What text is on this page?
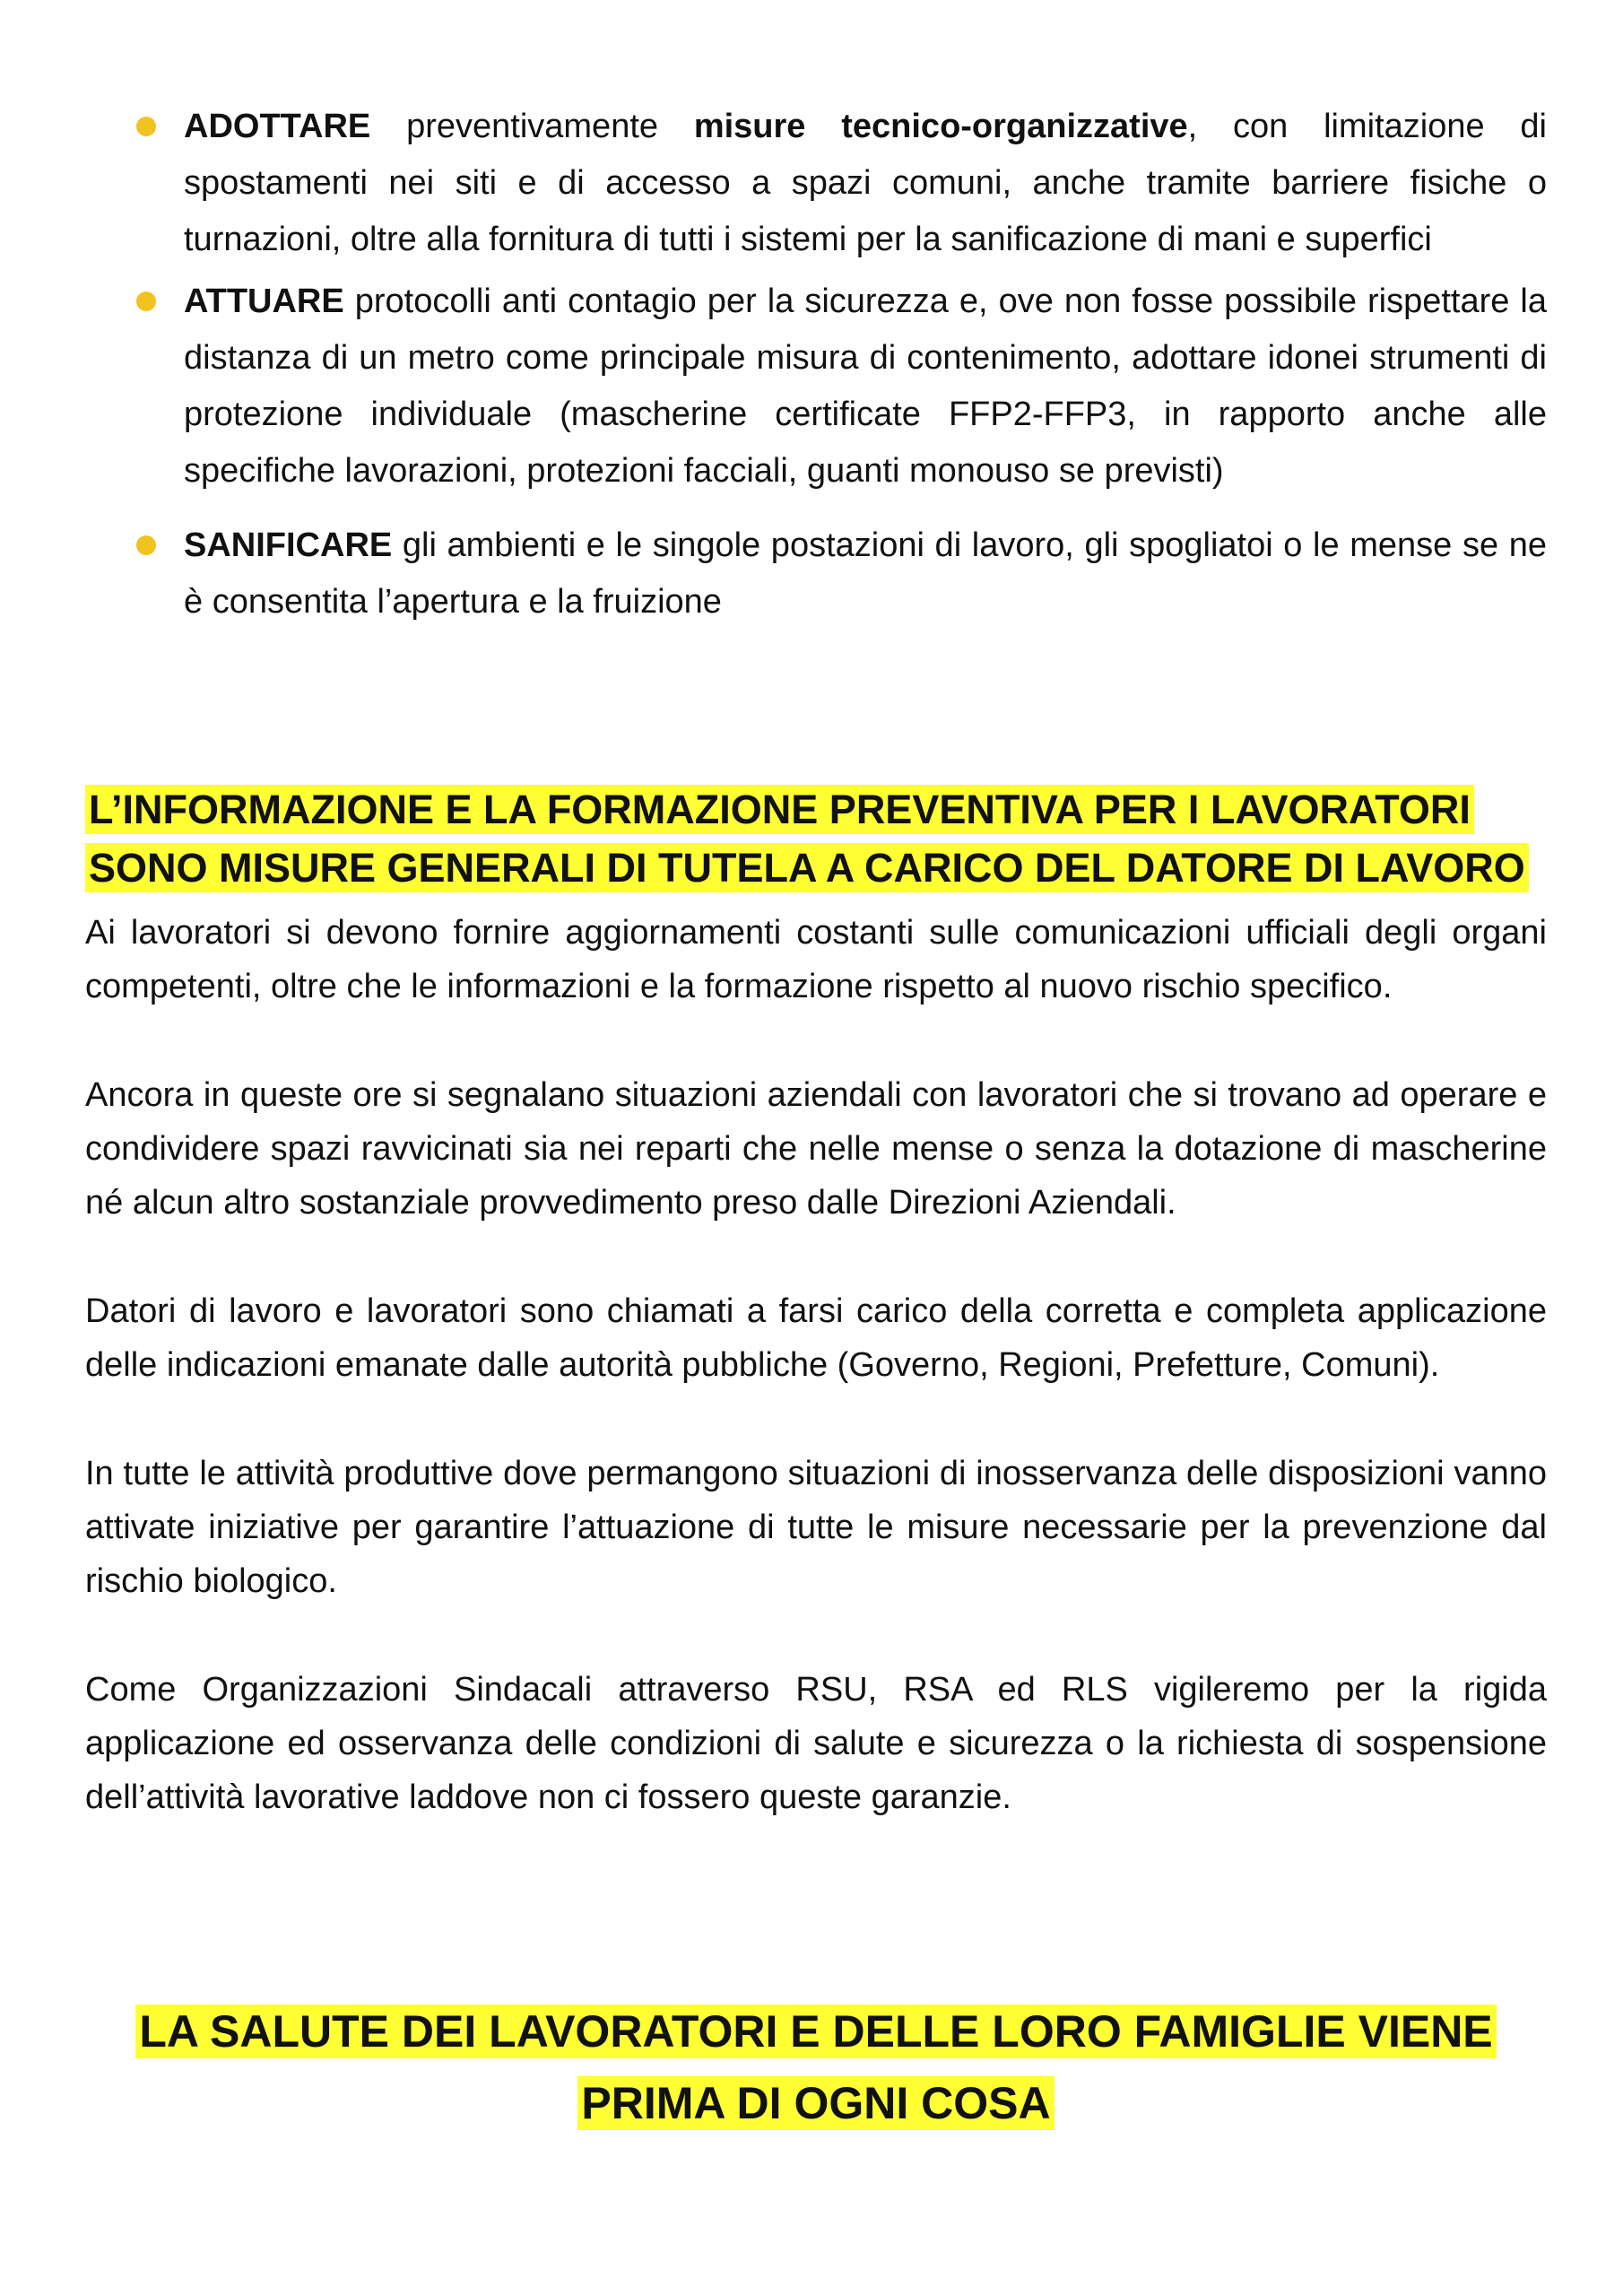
ADOTTARE preventivamente misure tecnico-organizzative, con limitazione di spostamenti nei siti e di accesso a spazi comuni, anche tramite barriere fisiche o turnazioni, oltre alla fornitura di tutti i sistemi per la sanificazione di mani e superfici
ATTUARE protocolli anti contagio per la sicurezza e, ove non fosse possibile rispettare la distanza di un metro come principale misura di contenimento, adottare idonei strumenti di protezione individuale (mascherine certificate FFP2-FFP3, in rapporto anche alle specifiche lavorazioni, protezioni facciali, guanti monouso se previsti)
SANIFICARE gli ambienti e le singole postazioni di lavoro, gli spogliatoi o le mense se ne è consentita l’apertura e la fruizione
L’INFORMAZIONE E LA FORMAZIONE PREVENTIVA PER I LAVORATORI SONO MISURE GENERALI DI TUTELA A CARICO DEL DATORE DI LAVORO

Ai lavoratori si devono fornire aggiornamenti costanti sulle comunicazioni ufficiali degli organi competenti, oltre che le informazioni e la formazione rispetto al nuovo rischio specifico.

Ancora in queste ore si segnalano situazioni aziendali con lavoratori che si trovano ad operare e condividere spazi ravvicinati sia nei reparti che nelle mense o senza la dotazione di mascherine né alcun altro sostanziale provvedimento preso dalle Direzioni Aziendali.

Datori di lavoro e lavoratori sono chiamati a farsi carico della corretta e completa applicazione delle indicazioni emanate dalle autorità pubbliche (Governo, Regioni, Prefetture, Comuni).

In tutte le attività produttive dove permangono situazioni di inosservanza delle disposizioni vanno attivate iniziative per garantire l’attuazione di tutte le misure necessarie per la prevenzione dal rischio biologico.

Come Organizzazioni Sindacali attraverso RSU, RSA ed RLS vigileremo per la rigida applicazione ed osservanza delle condizioni di salute e sicurezza o la richiesta di sospensione dell’attività lavorative laddove non ci fossero queste garanzie.

LA SALUTE DEI LAVORATORI E DELLE LORO FAMIGLIE VIENE
PRIMA DI OGNI COSA
